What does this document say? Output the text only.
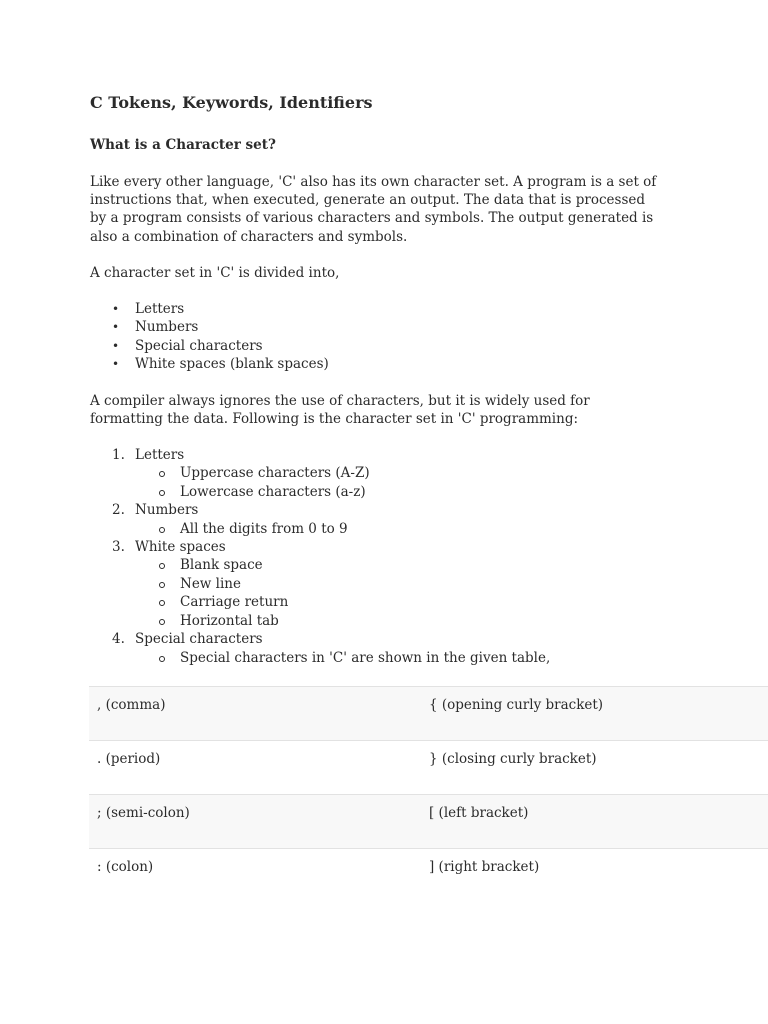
C Tokens, Keywords, Identifiers
What is a Character set?

Like every other language, 'C' also has its own character set. A program is a set of instructions that, when executed, generate an output. The data that is processed by a program consists of various characters and symbols. The output generated is also a combination of characters and symbols.

A character set in 'C' is divided into,

• Letters
• Numbers
• Special characters
• White spaces (blank spaces)

A compiler always ignores the use of characters, but it is widely used for formatting the data. Following is the character set in 'C' programming:

1. Letters
Uppercase characters (A-Z)
Lowercase characters (a-z)
2. Numbers
All the digits from 0 to 9
3. White spaces
Blank space
New line
Carriage return
Horizontal tab
4. Special characters
Special characters in 'C' are shown in the given table,
, (comma)	{ (opening curly bracket)
. (period)	} (closing curly bracket)
; (semi-colon)	[ (left bracket)
: (colon)	] (right bracket)
